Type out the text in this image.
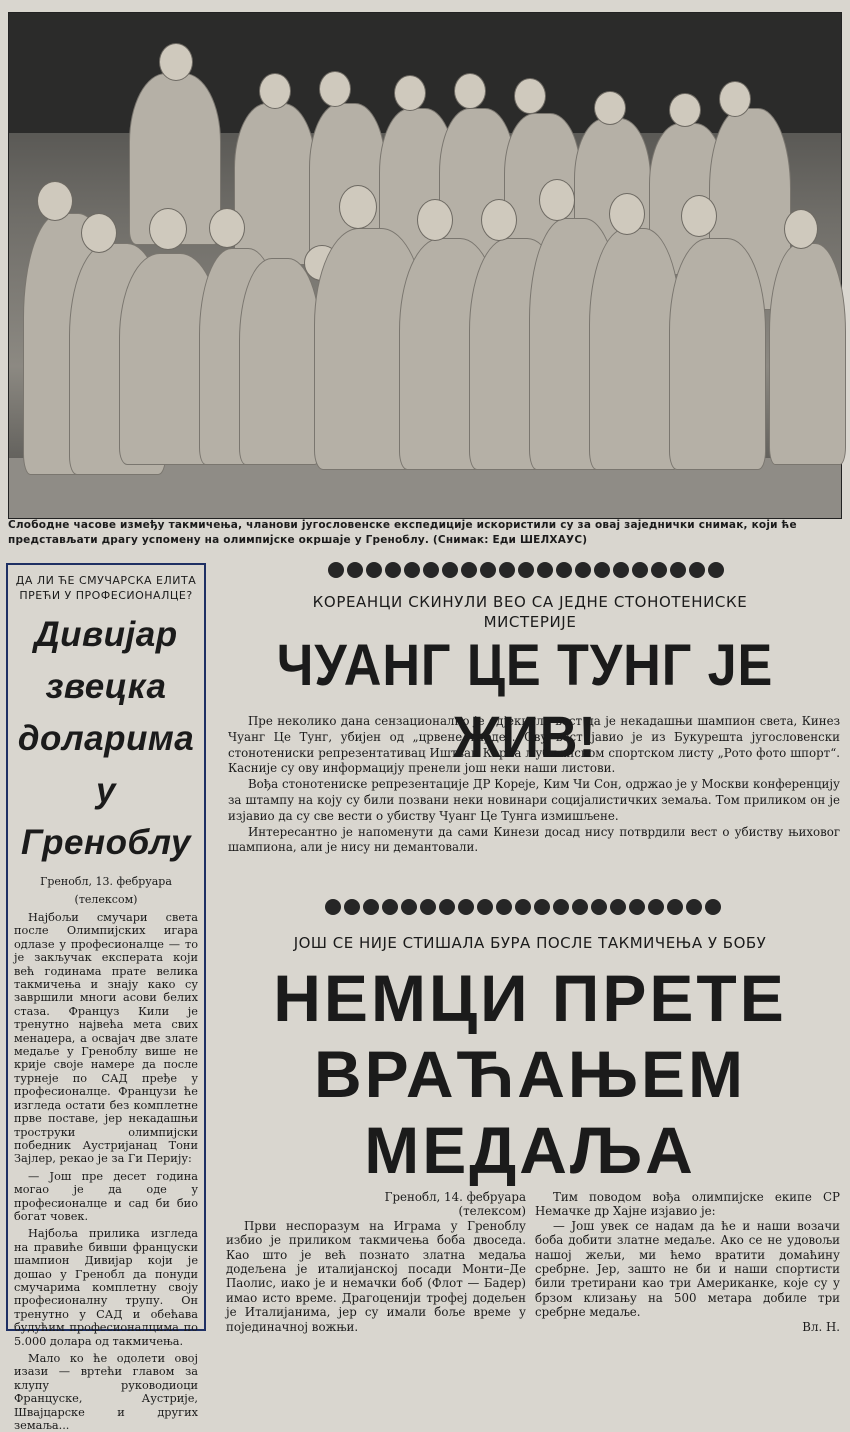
Слободне часове између такмичења, чланови југословенске експедиције искористили су за овај заједнички снимак, који ће представљати драгу успомену на олимпијске окршаје у Греноблу. (Снимак: Еди ШЕЛХАУС)
ДА ЛИ ЋЕ СМУЧАРСКА ЕЛИТА ПРЕЋИ У ПРОФЕСИОНАЛЦЕ?
Дивијар
звецка
доларима
у Греноблу
Гренобл, 13. фебруара
(телексом)

Најбољи смучари света после Олимпијских игара одлазе у професионалце — то је закључак експерата који већ годинама прате велика такмичења и знају како су завршили многи асови белих стаза. Француз Кили је тренутно највећа мета свих менаџера, а освајач две злате медаље у Греноблу више не крије своје намере да после турнеје по САД пређе у професионалце. Французи ће изгледа остати без комплетне прве поставе, јер некадашњи троструки олимпијски победник Аустријанац Тони Зајлер, рекао је за Ги Перију:

— Још пре десет година могао је да оде у професионалце и сад би био богат човек.

Најбоља прилика изгледа на правиће бивши француски шампион Дивијар који је дошао у Гренобл да понуди смучарима комплетну своју професионалну трупу. Он тренутно у САД и обећава будућим професионалцима по 5.000 долара од такмичења.

Мало ко ће одолети овој изази — вртећи главом за клупу руководиоци Француске, Аустрије, Швајцарске и других земаља...

КОРЕАНЦИ СКИНУЛИ ВЕО СА ЈЕДНЕ СТОНОТЕНИСКЕ
МИСТЕРИЈЕ
ЧУАНГ ЦЕ ТУНГ ЈЕ ЖИВ!

Пре неколико дана сензационално је одјекнула вест да је некадашњи шампион света, Кинез Чуанг Це Тунг, убијен од „црвене гарде“. Ову вест јавио је из Букурешта југословенски стонотениски репрезентативац Иштван Корпа љубљанском спортском листу „Рото фото шпорт“. Касније су ову информацију пренели још неки наши листови.

Вођа стонотениске репрезентације ДР Кореје, Ким Чи Сон, одржао је у Москви конференцију за штампу на коју су били позвани неки новинари социјалистичких земаља. Том приликом он је изјавио да су све вести о убиству Чуанг Це Тунга измишљене.

Интересантно је напоменути да сами Кинези досад нису потврдили вест о убиству њиховог шампиона, али је нису ни демантовали.

ЈОШ СЕ НИЈЕ СТИШАЛА БУРА ПОСЛЕ ТАКМИЧЕЊА У БОБУ
НЕМЦИ ПРЕТЕ
ВРАЋАЊЕМ
МЕДАЉА

Гренобл, 14. фебруара

(телексом)

Први неспоразум на Играма у Греноблу избио је приликом такмичења боба двоседа. Као што је већ познато златна медаља додељена је италијанској посади Монти–Де Паолис, иако је и немачки боб (Флот — Бадер) имао исто време. Драгоценији трофеј додељен је Италијанима, јер су имали боље време у појединачној вожњи.

Тим поводом вођа олимпијске екипе СР Немачке др Хајне изјавио је:

— Још увек се надам да ће и наши возачи боба добити златне медаље. Ако се не удовољи нашој жељи, ми ћемо вратити домаћину сребрне. Јер, зашто не би и наши спортисти били третирани као три Американке, које су у брзом клизању на 500 метара добиле три сребрне медаље.

Вл. Н.
